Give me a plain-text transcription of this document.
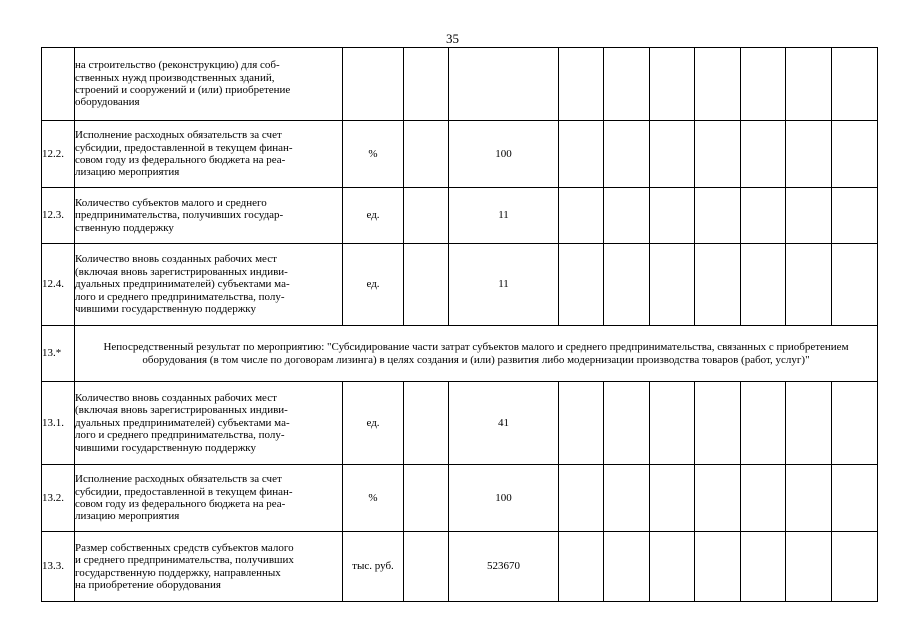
35

	на строительство (реконструкцию) для соб-
ственных нужд производственных зданий,
строений и сооружений и (или) приобретение
оборудования											

12.2.	Исполнение расходных обязательств за счет
субсидии, предоставленной в текущем финан-
совом году из федерального бюджета на реа-
лизацию мероприятия	%		100								
12.3.	Количество субъектов малого и среднего
предпринимательства, получивших государ-
ственную поддержку	ед.		11								
12.4.	Количество вновь созданных рабочих мест
(включая вновь зарегистрированных индиви-
дуальных предпринимателей) субъектами ма-
лого и среднего предпринимательства, полу-
чившими государственную поддержку	ед.		11								
13.*	Непосредственный результат по мероприятию: "Субсидирование части затрат субъектов малого и среднего предпринимательства, связанных с приобретением оборудования (в том числе по договорам лизинга) в целях создания и (или) развития либо модернизации производства товаров (работ, услуг)"											
13.1.	Количество вновь созданных рабочих мест
(включая вновь зарегистрированных индиви-
дуальных предпринимателей) субъектами ма-
лого и среднего предпринимательства, полу-
чившими государственную поддержку	ед.		41								
13.2.	Исполнение расходных обязательств за счет
субсидии, предоставленной в текущем финан-
совом году из федерального бюджета на реа-
лизацию мероприятия	%		100								
13.3.	Размер собственных средств субъектов малого
и среднего предпринимательства, получивших
государственную поддержку, направленных
на приобретение оборудования	тыс. руб.		523670								
